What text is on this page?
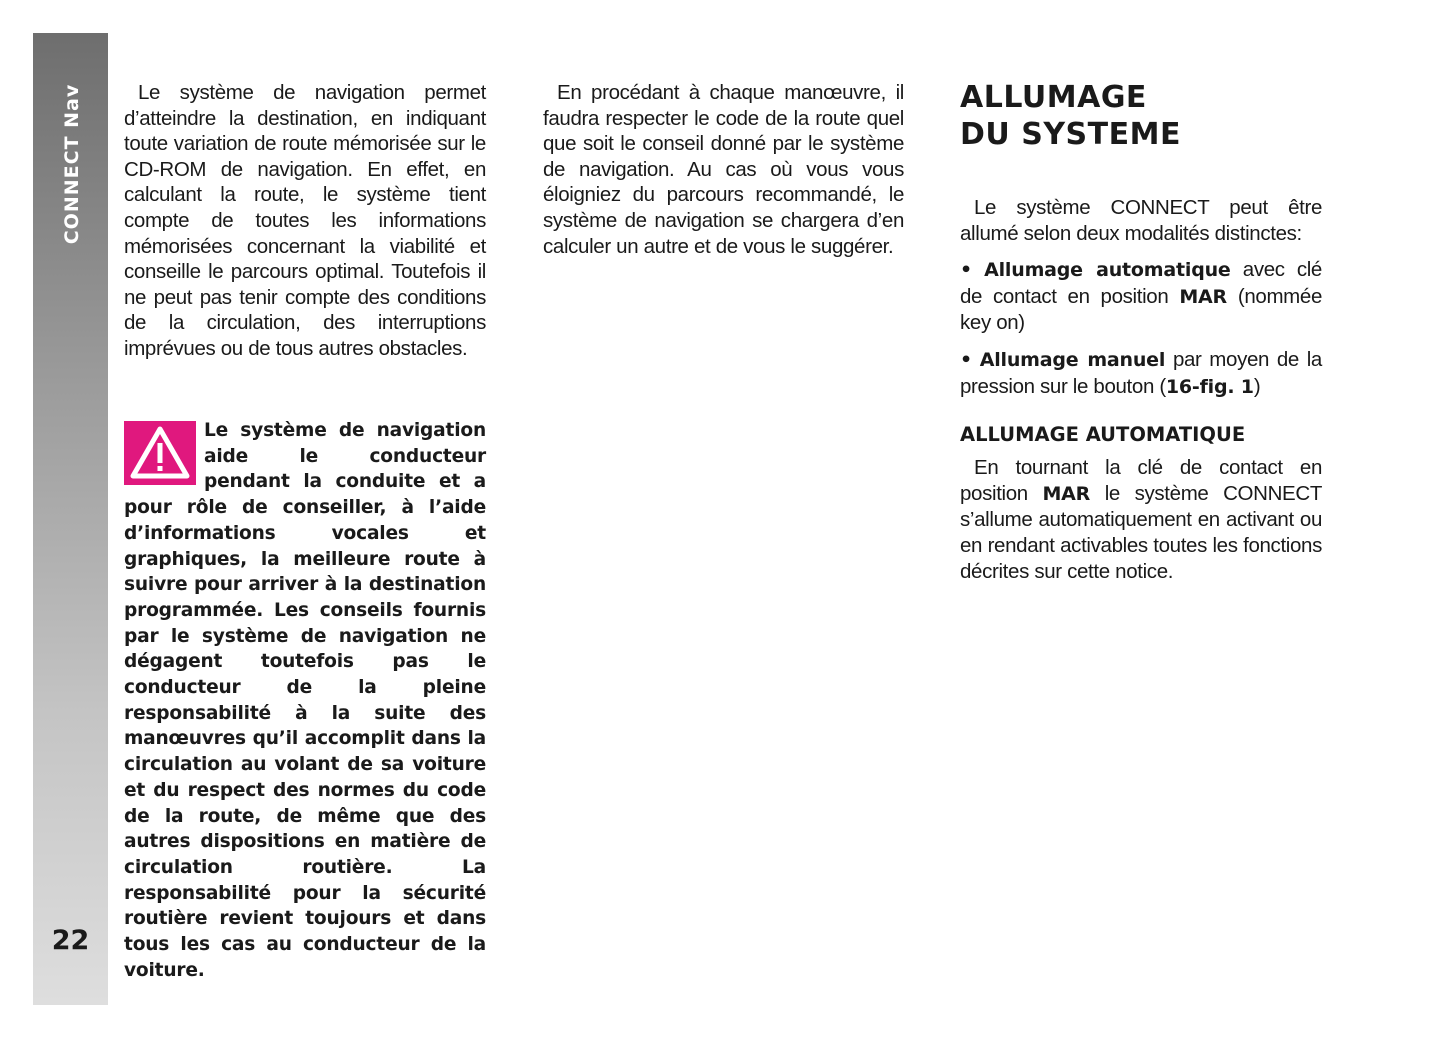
CONNECT Nav
22

Le système de navigation permet d’atteindre la destination, en indiquant toute variation de route mémorisée sur le CD-ROM de navigation. En effet, en calculant la route, le système tient compte de toutes les informations mémorisées concernant la viabilité et conseille le parcours optimal. Toutefois il ne peut pas tenir compte des conditions de la circulation, des interruptions imprévues ou de tous autres obstacles.

Le système de navigation aide le conducteur pendant la conduite et a pour rôle de conseiller, à l’aide d’informations vocales et graphiques, la meilleure route à suivre pour arriver à la destination programmée. Les conseils fournis par le système de navigation ne dégagent toutefois pas le conducteur de la pleine responsabilité à la suite des manœuvres qu’il accomplit dans la circulation au volant de sa voiture et du respect des normes du code de la route, de même que des autres dispositions en matière de circulation routière. La responsabilité pour la sécurité routière revient toujours et dans tous les cas au conducteur de la voiture.

En procédant à chaque manœuvre, il faudra respecter le code de la route quel que soit le conseil donné par le système de navigation. Au cas où vous vous éloigniez du parcours recommandé, le système de navigation se chargera d’en calculer un autre et de vous le suggérer.

ALLUMAGE
DU SYSTEME

Le système CONNECT peut être allumé selon deux modalités distinctes:

• Allumage automatique avec clé de contact en position MAR (nommée key on)

• Allumage manuel par moyen de la pression sur le bouton (16-fig. 1)

ALLUMAGE AUTOMATIQUE

En tournant la clé de contact en position MAR le système CONNECT s’allume automatiquement en activant ou en rendant activables toutes les fonctions décrites sur cette notice.
